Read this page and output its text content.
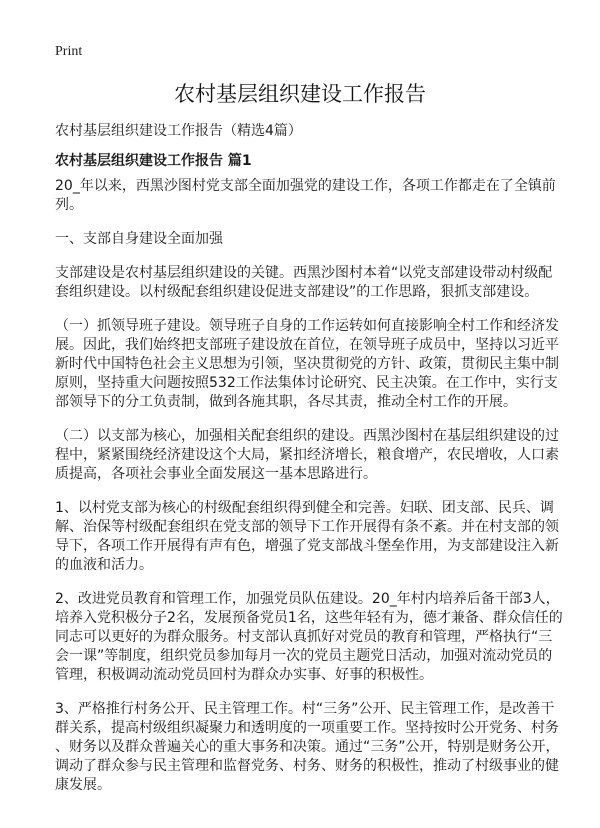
Print
农村基层组织建设工作报告
农村基层组织建设工作报告（精选4篇）
农村基层组织建设工作报告 篇1

20_年以来，西黑沙图村党支部全面加强党的建设工作，各项工作都走在了全镇前
列。

一、支部自身建设全面加强

支部建设是农村基层组织建设的关键。西黑沙图村本着“以党支部建设带动村级配
套组织建设。以村级配套组织建设促进支部建设”的工作思路，狠抓支部建设。

（一）抓领导班子建设。领导班子自身的工作运转如何直接影响全村工作和经济发
展。因此，我们始终把支部班子建设放在首位，在领导班子成员中，坚持以习近平
新时代中国特色社会主义思想为引领，坚决贯彻党的方针、政策，贯彻民主集中制
原则，坚持重大问题按照532工作法集体讨论研究、民主决策。在工作中，实行支
部领导下的分工负责制，做到各施其职，各尽其责，推动全村工作的开展。

（二）以支部为核心，加强相关配套组织的建设。西黑沙图村在基层组织建设的过
程中，紧紧围绕经济建设这个大局，紧扣经济增长，粮食增产，农民增收，人口素
质提高，各项社会事业全面发展这一基本思路进行。

1、以村党支部为核心的村级配套组织得到健全和完善。妇联、团支部、民兵、调
解、治保等村级配套组织在党支部的领导下工作开展得有条不紊。并在村支部的领
导下，各项工作开展得有声有色，增强了党支部战斗堡垒作用，为支部建设注入新
的血液和活力。

2、改进党员教育和管理工作，加强党员队伍建设。20_年村内培养后备干部3人，
培养入党积极分子2名，发展预备党员1名，这些年轻有为，德才兼备、群众信任的
同志可以更好的为群众服务。村支部认真抓好对党员的教育和管理，严格执行“三
会一课”等制度，组织党员参加每月一次的党员主题党日活动，加强对流动党员的
管理，积极调动流动党员回村为群众办实事、好事的积极性。

3、严格推行村务公开、民主管理工作。村“三务”公开、民主管理工作，是改善干
群关系，提高村级组织凝聚力和透明度的一项重要工作。坚持按时公开党务、村务
、财务以及群众普遍关心的重大事务和决策。通过“三务”公开，特别是财务公开，
调动了群众参与民主管理和监督党务、村务、财务的积极性，推动了村级事业的健
康发展。
